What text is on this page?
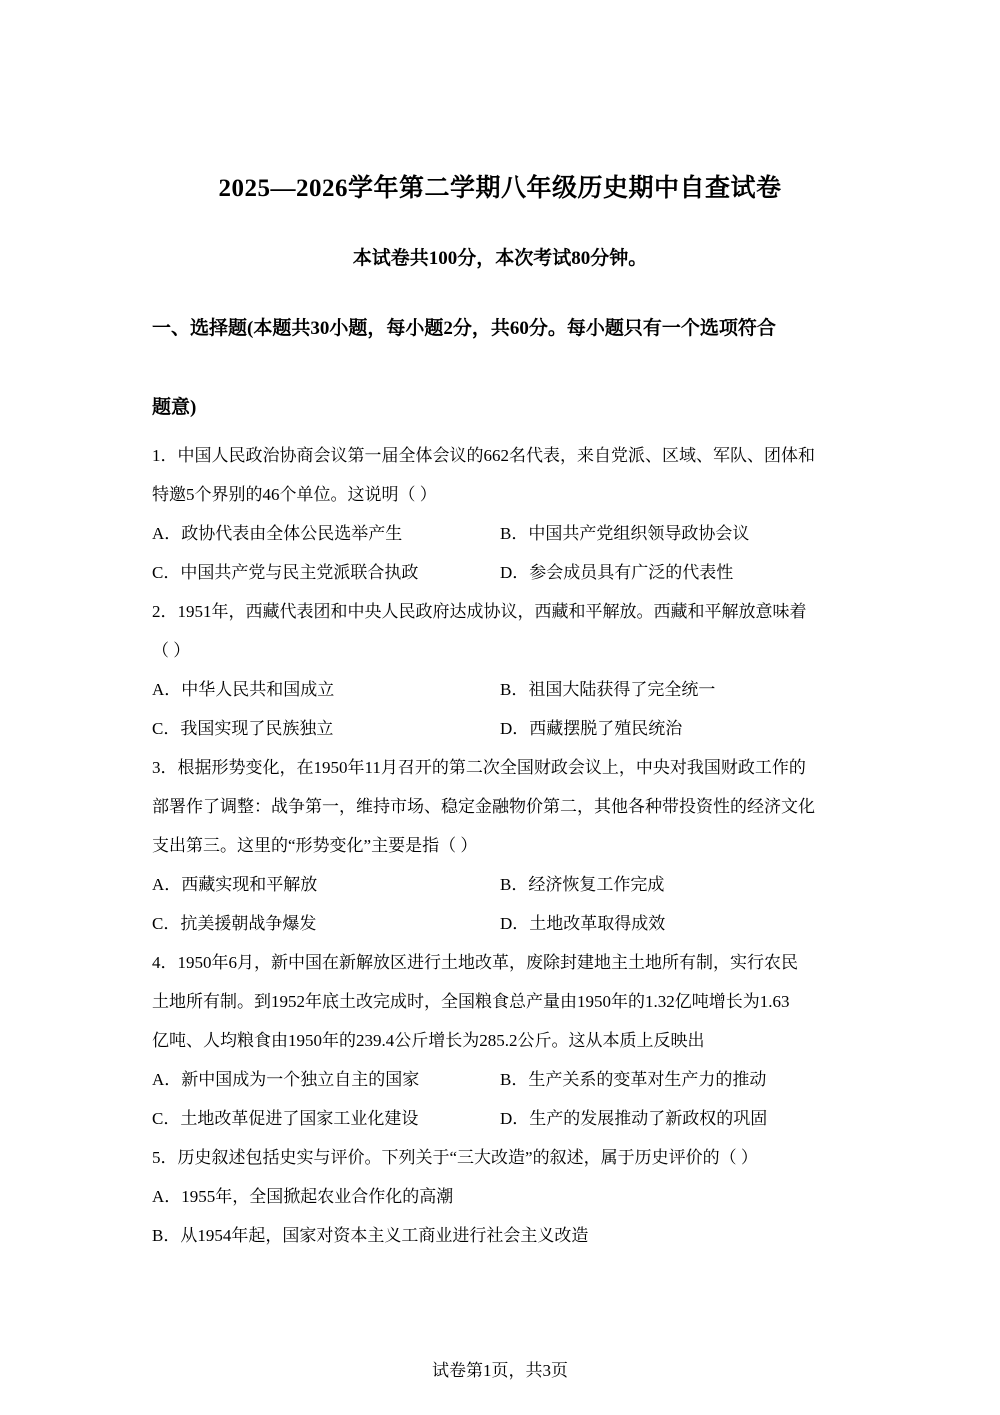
2025—2026学年第二学期八年级历史期中自查试卷
本试卷共100分，本次考试80分钟。
一、选择题(本题共30小题，每小题2分，共60分。每小题只有一个选项符合
题意)
1．中国人民政治协商会议第一届全体会议的662名代表，来自党派、区域、军队、团体和
特邀5个界别的46个单位。这说明（ ）
A．政协代表由全体公民选举产生	B．中国共产党组织领导政协会议
C．中国共产党与民主党派联合执政	D．参会成员具有广泛的代表性
2．1951年，西藏代表团和中央人民政府达成协议，西藏和平解放。西藏和平解放意味着
（ ）
A．中华人民共和国成立	B．祖国大陆获得了完全统一
C．我国实现了民族独立	D．西藏摆脱了殖民统治
3．根据形势变化，在1950年11月召开的第二次全国财政会议上，中央对我国财政工作的
部署作了调整：战争第一，维持市场、稳定金融物价第二，其他各种带投资性的经济文化
支出第三。这里的“形势变化”主要是指（ ）
A．西藏实现和平解放	B．经济恢复工作完成
C．抗美援朝战争爆发	D．土地改革取得成效
4．1950年6月，新中国在新解放区进行土地改革，废除封建地主土地所有制，实行农民
土地所有制。到1952年底土改完成时，全国粮食总产量由1950年的1.32亿吨增长为1.63
亿吨、人均粮食由1950年的239.4公斤增长为285.2公斤。这从本质上反映出
A．新中国成为一个独立自主的国家	B．生产关系的变革对生产力的推动
C．土地改革促进了国家工业化建设	D．生产的发展推动了新政权的巩固
5．历史叙述包括史实与评价。下列关于“三大改造”的叙述，属于历史评价的（ ）
A．1955年，全国掀起农业合作化的高潮
B．从1954年起，国家对资本主义工商业进行社会主义改造
试卷第1页，共3页
